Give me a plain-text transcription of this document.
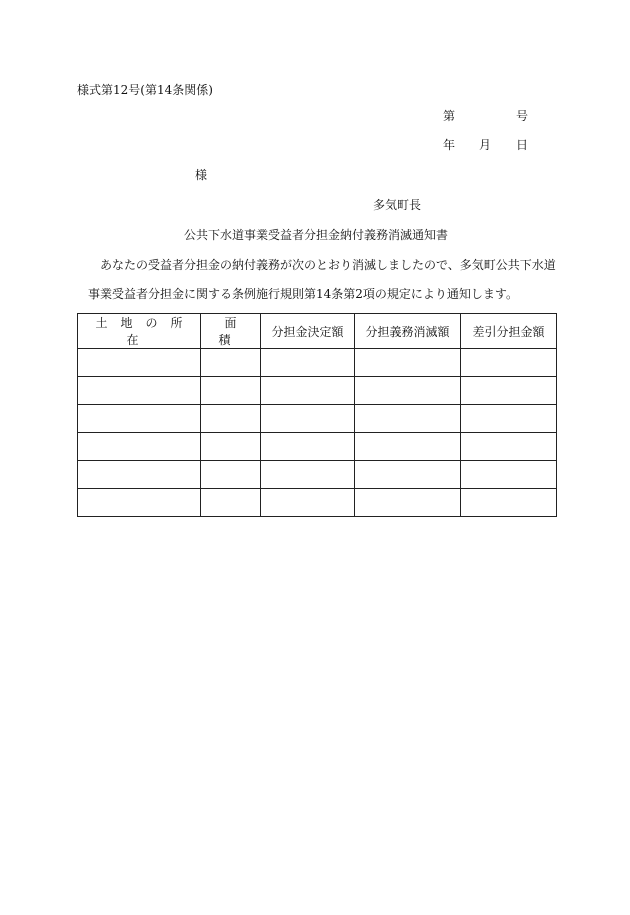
様式第12号(第14条関係)
第	号
年 月 日
様
多気町長
公共下水道事業受益者分担金納付義務消滅通知書
あなたの受益者分担金の納付義務が次のとおり消滅しましたので、多気町公共下水道
事業受益者分担金に関する条例施行規則第14条第2項の規定により通知します。
土地の所在	面積	分担金決定額	分担義務消滅額	差引分担金額
